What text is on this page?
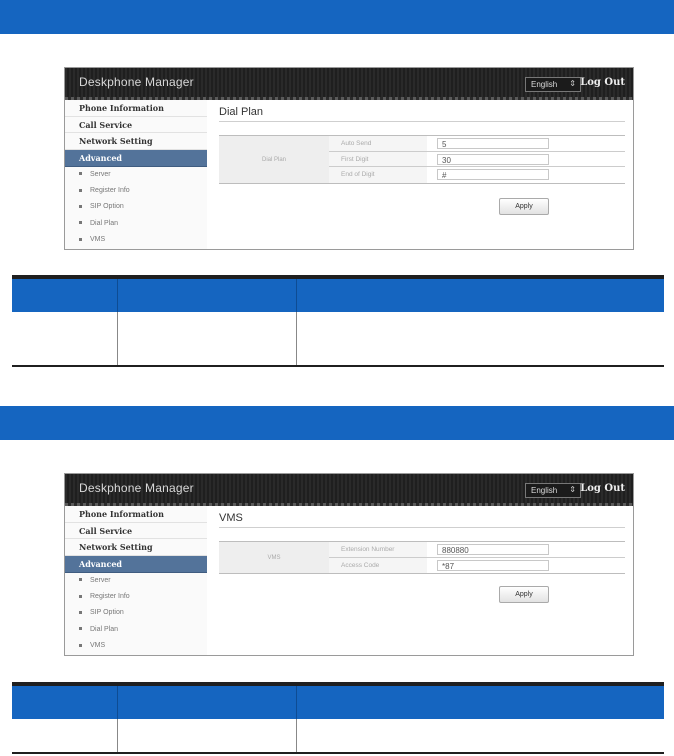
Deskphone Manager	English ⇕ Log Out
Phone Information
Call Service
Network Setting
Advanced
Server
Register Info
SIP Option
Dial Plan
VMS
Dial Plan
Dial Plan
Auto Send	5
First Digit	30
End of Digit	#
Apply
Deskphone Manager	English ⇕ Log Out
Phone Information
Call Service
Network Setting
Advanced
Server
Register Info
SIP Option
Dial Plan
VMS
VMS
VMS
Extension Number	880880
Access Code	*87
Apply
